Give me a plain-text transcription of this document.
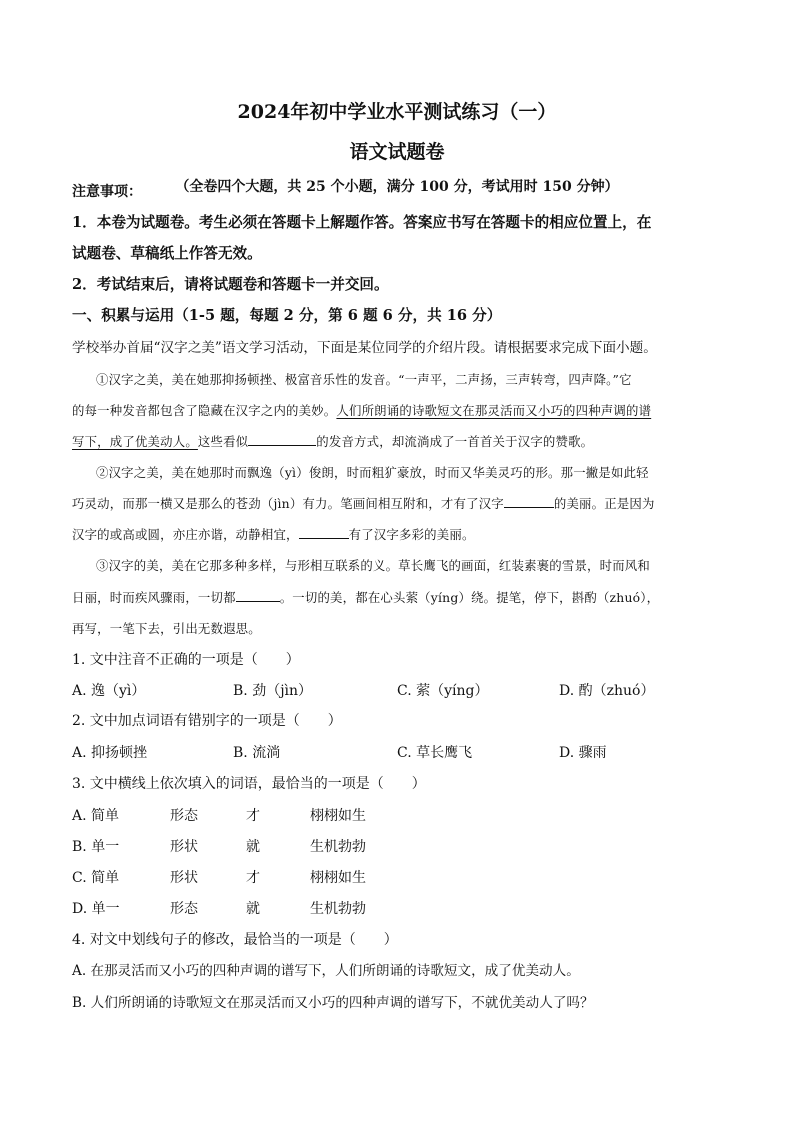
2024年初中学业水平测试练习（一）
语文试题卷
（全卷四个大题，共 25 个小题，满分 100 分，考试用时 150 分钟）
注意事项：
1．本卷为试题卷。考生必须在答题卡上解题作答。答案应书写在答题卡的相应位置上，在
试题卷、草稿纸上作答无效。
2．考试结束后，请将试题卷和答题卡一并交回。
一、积累与运用（1-5 题，每题 2 分，第 6 题 6 分，共 16 分）
学校举办首届“汉字之美”语文学习活动，下面是某位同学的介绍片段。请根据要求完成下面小题。
①汉字之美，美在她那抑扬顿挫、极富音乐性的发音。“一声平，二声扬，三声转弯，四声降。”它
的每一种发音都包含了隐藏在汉字之内的美妙。人们所朗诵的诗歌短文在那灵活而又小巧的四种声调的谱
写下，成了优美动人。这些看似	的发音方式，却流淌成了一首首关于汉字的赞歌。
②汉字之美，美在她那时而飘逸（yì）俊朗，时而粗犷豪放，时而又华美灵巧的形。那一撇是如此轻
巧灵动，而那一横又是那么的苍劲（jìn）有力。笔画间相互附和，才有了汉字	的美丽。正是因为
汉字的或高或圆，亦庄亦谐，动静相宜，	有了汉字多彩的美丽。
③汉字的美，美在它那多种多样，与形相互联系的义。草长鹰飞的画面，红装素裹的雪景，时而风和
日丽，时而疾风骤雨，一切都	。一切的美，都在心头萦（yíng）绕。提笔，停下，斟酌（zhuó），
再写，一笔下去，引出无数遐思。
1. 文中注音不正确的一项是（　　）
A. 逸（yì）	B. 劲（jìn）	C. 萦（yíng）	D. 酌（zhuó）
2. 文中加点词语有错别字的一项是（　　）
A. 抑扬顿挫	B. 流淌	C. 草长鹰飞	D. 骤雨
3. 文中横线上依次填入的词语，最恰当的一项是（　　）
A. 简单	形态	才	栩栩如生
B. 单一	形状	就	生机勃勃
C. 简单	形状	才	栩栩如生
D. 单一	形态	就	生机勃勃
4. 对文中划线句子的修改，最恰当的一项是（　　）
A. 在那灵活而又小巧的四种声调的谱写下，人们所朗诵的诗歌短文，成了优美动人。
B. 人们所朗诵的诗歌短文在那灵活而又小巧的四种声调的谱写下，不就优美动人了吗？
